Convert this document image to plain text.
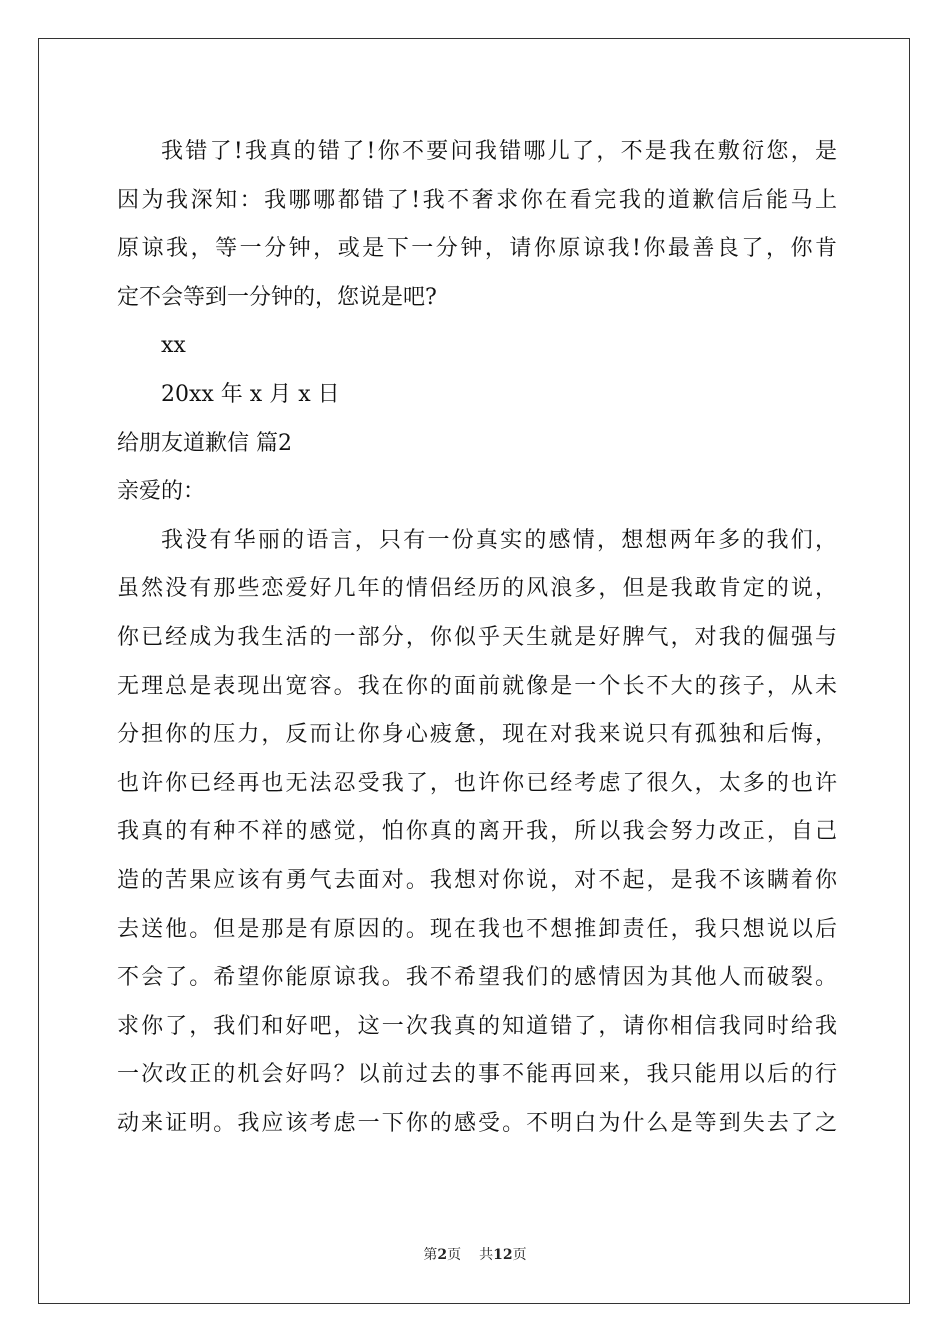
我错了!我真的错了!你不要问我错哪儿了，不是我在敷衍您，是
因为我深知：我哪哪都错了!我不奢求你在看完我的道歉信后能马上
原谅我，等一分钟，或是下一分钟，请你原谅我!你最善良了，你肯
定不会等到一分钟的，您说是吧?
xx
20xx 年 x 月 x 日
给朋友道歉信 篇2
亲爱的：
我没有华丽的语言，只有一份真实的感情，想想两年多的我们，
虽然没有那些恋爱好几年的情侣经历的风浪多，但是我敢肯定的说，
你已经成为我生活的一部分，你似乎天生就是好脾气，对我的倔强与
无理总是表现出宽容。我在你的面前就像是一个长不大的孩子，从未
分担你的压力，反而让你身心疲惫，现在对我来说只有孤独和后悔，
也许你已经再也无法忍受我了，也许你已经考虑了很久，太多的也许
我真的有种不祥的感觉，怕你真的离开我，所以我会努力改正，自己
造的苦果应该有勇气去面对。我想对你说，对不起，是我不该瞒着你
去送他。但是那是有原因的。现在我也不想推卸责任，我只想说以后
不会了。希望你能原谅我。我不希望我们的感情因为其他人而破裂。
求你了，我们和好吧，这一次我真的知道错了，请你相信我同时给我
一次改正的机会好吗？以前过去的事不能再回来，我只能用以后的行
动来证明。我应该考虑一下你的感受。不明白为什么是等到失去了之
第2页 共12页
